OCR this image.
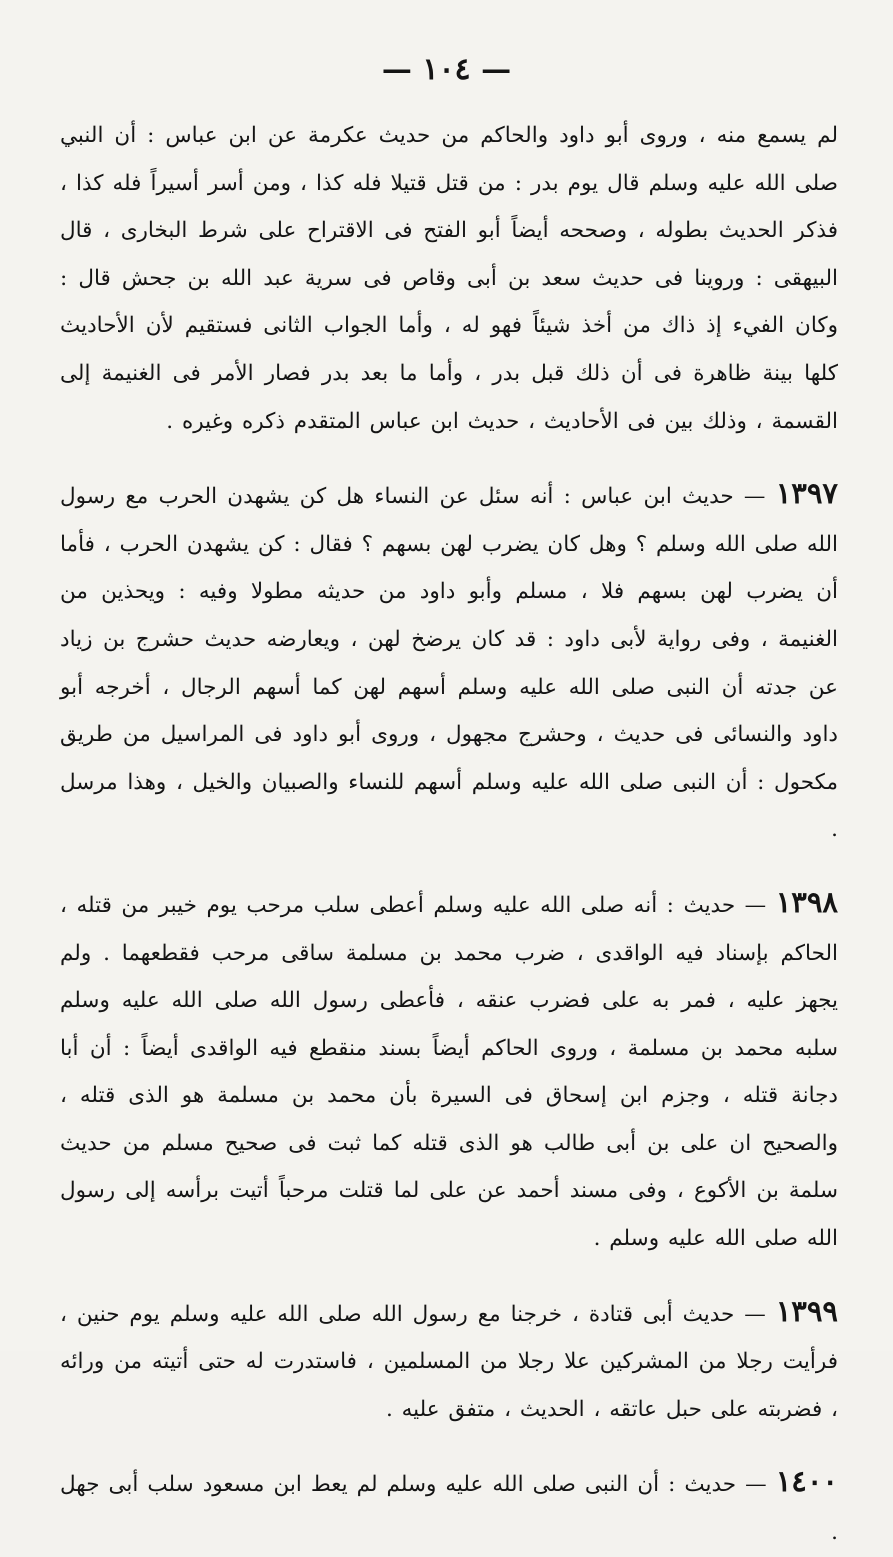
— ١٠٤ —

لم يسمع منه ، وروى أبو داود والحاكم من حديث عكرمة عن ابن عباس : أن النبي صلى الله عليه وسلم قال يوم بدر : من قتل قتيلا فله كذا ، ومن أسر أسيراً فله كذا ، فذكر الحديث بطوله ، وصححه أيضاً أبو الفتح فى الاقتراح على شرط البخارى ، قال البيهقى : وروينا فى حديث سعد بن أبى وقاص فى سرية عبد الله بن جحش قال : وكان الفيء إذ ذاك من أخذ شيئاً فهو له ، وأما الجواب الثانى فستقيم لأن الأحاديث كلها بينة ظاهرة فى أن ذلك قبل بدر ، وأما ما بعد بدر فصار الأمر فى الغنيمة إلى القسمة ، وذلك بين فى الأحاديث ، حديث ابن عباس المتقدم ذكره وغيره .

١٣٩٧ — حديث ابن عباس : أنه سئل عن النساء هل كن يشهدن الحرب مع رسول الله صلى الله وسلم ؟ وهل كان يضرب لهن بسهم ؟ فقال : كن يشهدن الحرب ، فأما أن يضرب لهن بسهم فلا ، مسلم وأبو داود من حديثه مطولا وفيه : ويحذين من الغنيمة ، وفى رواية لأبى داود : قد كان يرضخ لهن ، ويعارضه حديث حشرج بن زياد عن جدته أن النبى صلى الله عليه وسلم أسهم لهن كما أسهم الرجال ، أخرجه أبو داود والنسائى فى حديث ، وحشرج مجهول ، وروى أبو داود فى المراسيل من طريق مكحول : أن النبى صلى الله عليه وسلم أسهم للنساء والصبيان والخيل ، وهذا مرسل .

١٣٩٨ — حديث : أنه صلى الله عليه وسلم أعطى سلب مرحب يوم خيبر من قتله ، الحاكم بإسناد فيه الواقدى ، ضرب محمد بن مسلمة ساقى مرحب فقطعهما . ولم يجهز عليه ، فمر به على فضرب عنقه ، فأعطى رسول الله صلى الله عليه وسلم سلبه محمد بن مسلمة ، وروى الحاكم أيضاً بسند منقطع فيه الواقدى أيضاً : أن أبا دجانة قتله ، وجزم ابن إسحاق فى السيرة بأن محمد بن مسلمة هو الذى قتله ، والصحيح ان على بن أبى طالب هو الذى قتله كما ثبت فى صحيح مسلم من حديث سلمة بن الأكوع ، وفى مسند أحمد عن على لما قتلت مرحباً أتيت برأسه إلى رسول الله صلى الله عليه وسلم .

١٣٩٩ — حديث أبى قتادة ، خرجنا مع رسول الله صلى الله عليه وسلم يوم حنين ، فرأيت رجلا من المشركين علا رجلا من المسلمين ، فاستدرت له حتى أتيته من ورائه ، فضربته على حبل عاتقه ، الحديث ، متفق عليه .

١٤٠٠ — حديث : أن النبى صلى الله عليه وسلم لم يعط ابن مسعود سلب أبى جهل .
